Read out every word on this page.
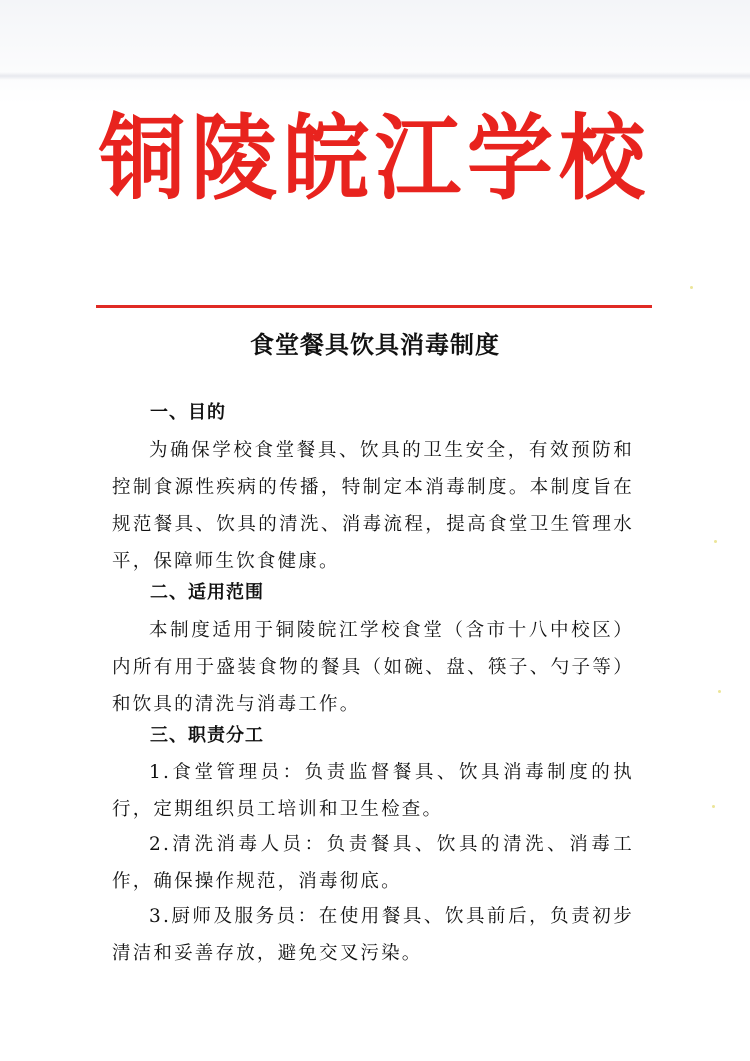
铜陵皖江学校
食堂餐具饮具消毒制度
一、目的

为确保学校食堂餐具、饮具的卫生安全，有效预防和控制食源性疾病的传播，特制定本消毒制度。本制度旨在规范餐具、饮具的清洗、消毒流程，提高食堂卫生管理水平，保障师生饮食健康。

二、适用范围

本制度适用于铜陵皖江学校食堂（含市十八中校区）内所有用于盛装食物的餐具（如碗、盘、筷子、勺子等）和饮具的清洗与消毒工作。

三、职责分工

1.食堂管理员：负责监督餐具、饮具消毒制度的执行，定期组织员工培训和卫生检查。

2.清洗消毒人员：负责餐具、饮具的清洗、消毒工作，确保操作规范，消毒彻底。

3.厨师及服务员：在使用餐具、饮具前后，负责初步清洁和妥善存放，避免交叉污染。
